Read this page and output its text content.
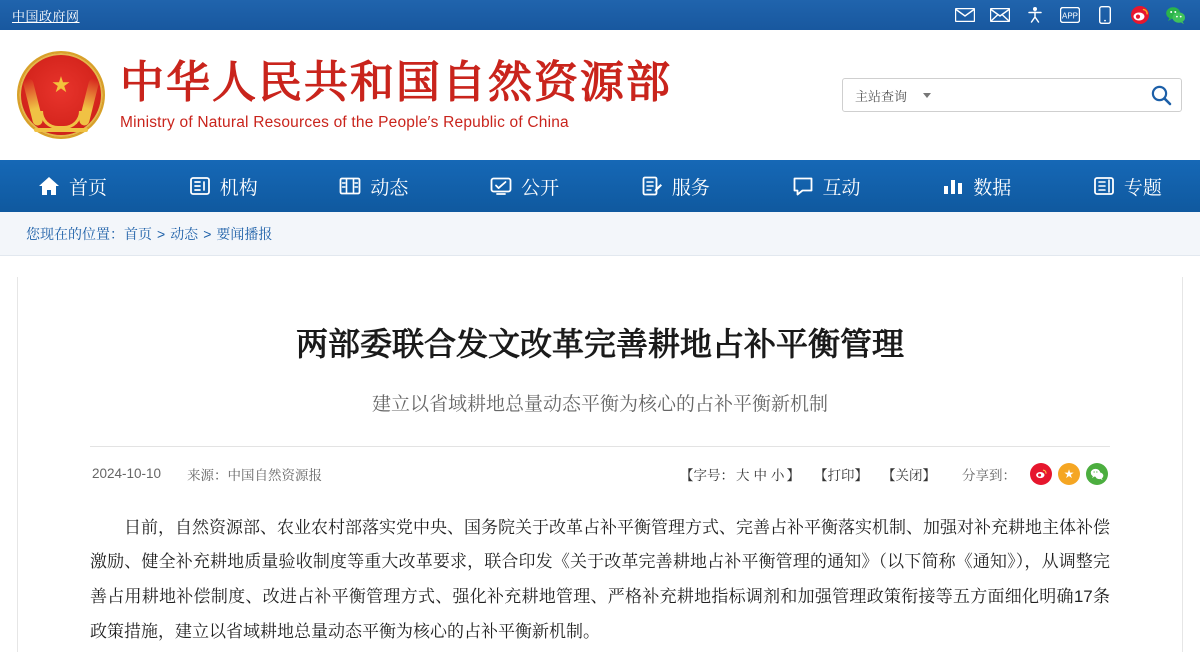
中国政府网	APP
★ 中华人民共和国自然资源部
Ministry of Natural Resources of the People′s Republic of China
主站查询
首页	机构	动态	公开	服务	互动	数据	专题
您现在的位置：首页 > 动态 > 要闻播报
两部委联合发文改革完善耕地占补平衡管理
建立以省域耕地总量动态平衡为核心的占补平衡新机制
2024-10-10 来源：中国自然资源报	【字号： 大 中 小 】 【打印】 【关闭】 分享到：	★

日前，自然资源部、农业农村部落实党中央、国务院关于改革占补平衡管理方式、完善占补平衡落实机制、加强对补充耕地主体补偿激励、健全补充耕地质量验收制度等重大改革要求，联合印发《关于改革完善耕地占补平衡管理的通知》（以下简称《通知》），从调整完善占用耕地补偿制度、改进占补平衡管理方式、强化补充耕地管理、严格补充耕地指标调剂和加强管理政策衔接等五方面细化明确17条政策措施，建立以省域耕地总量动态平衡为核心的占补平衡新机制。
